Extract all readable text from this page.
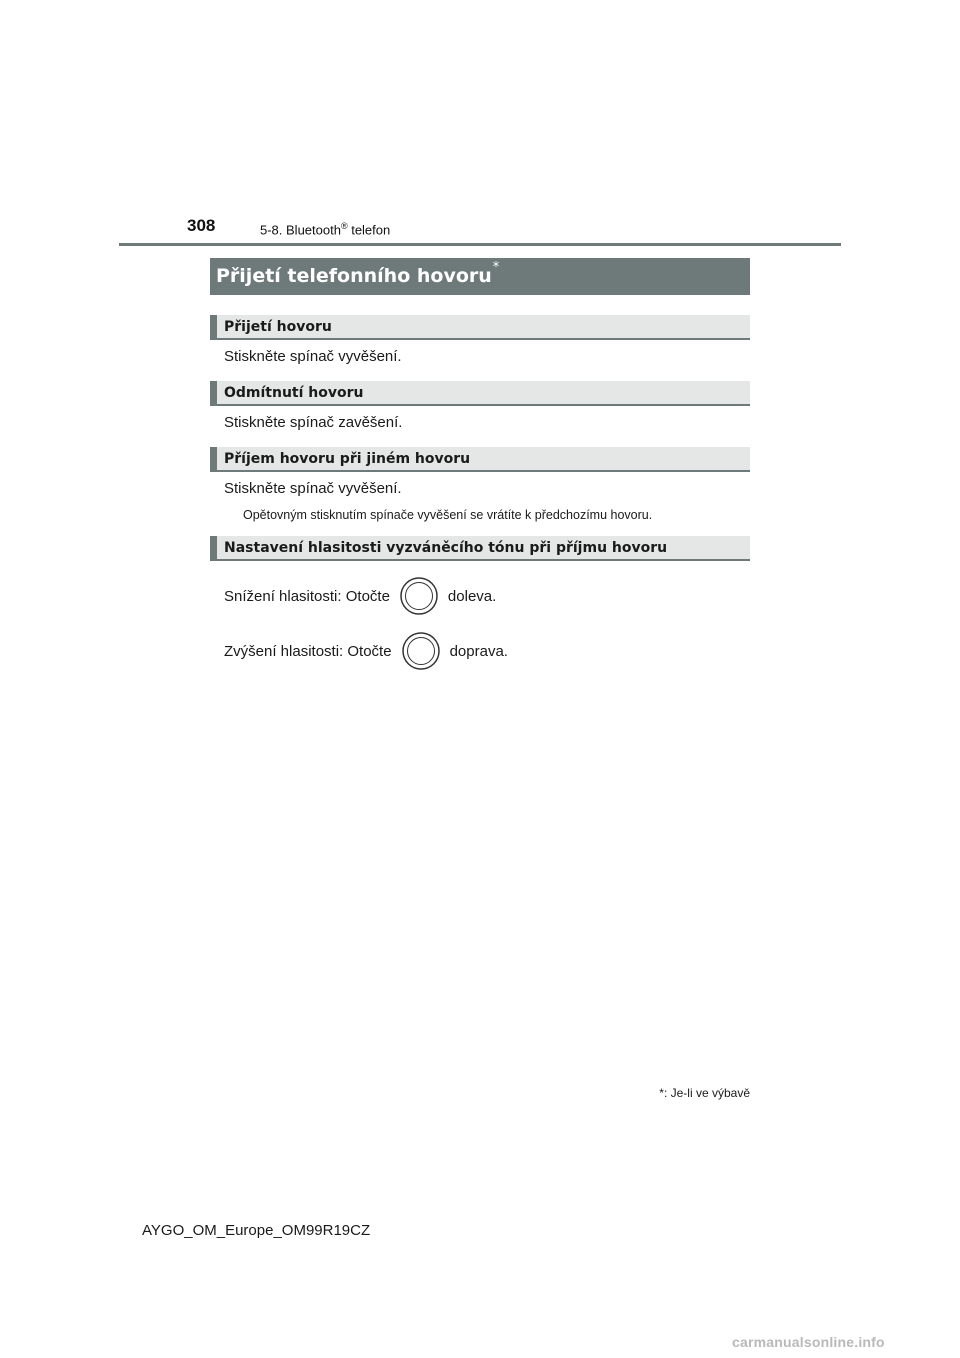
308	5-8. Bluetooth® telefon
Přijetí telefonního hovoru*
Přijetí hovoru
Stiskněte spínač vyvěšení.
Odmítnutí hovoru
Stiskněte spínač zavěšení.
Příjem hovoru při jiném hovoru
Stiskněte spínač vyvěšení.
Opětovným stisknutím spínače vyvěšení se vrátíte k předchozímu hovoru.
Nastavení hlasitosti vyzváněcího tónu při příjmu hovoru
Snížení hlasitosti: Otočte	doleva.
Zvýšení hlasitosti: Otočte	doprava.
*: Je-li ve výbavě
AYGO_OM_Europe_OM99R19CZ
carmanualsonline.info
